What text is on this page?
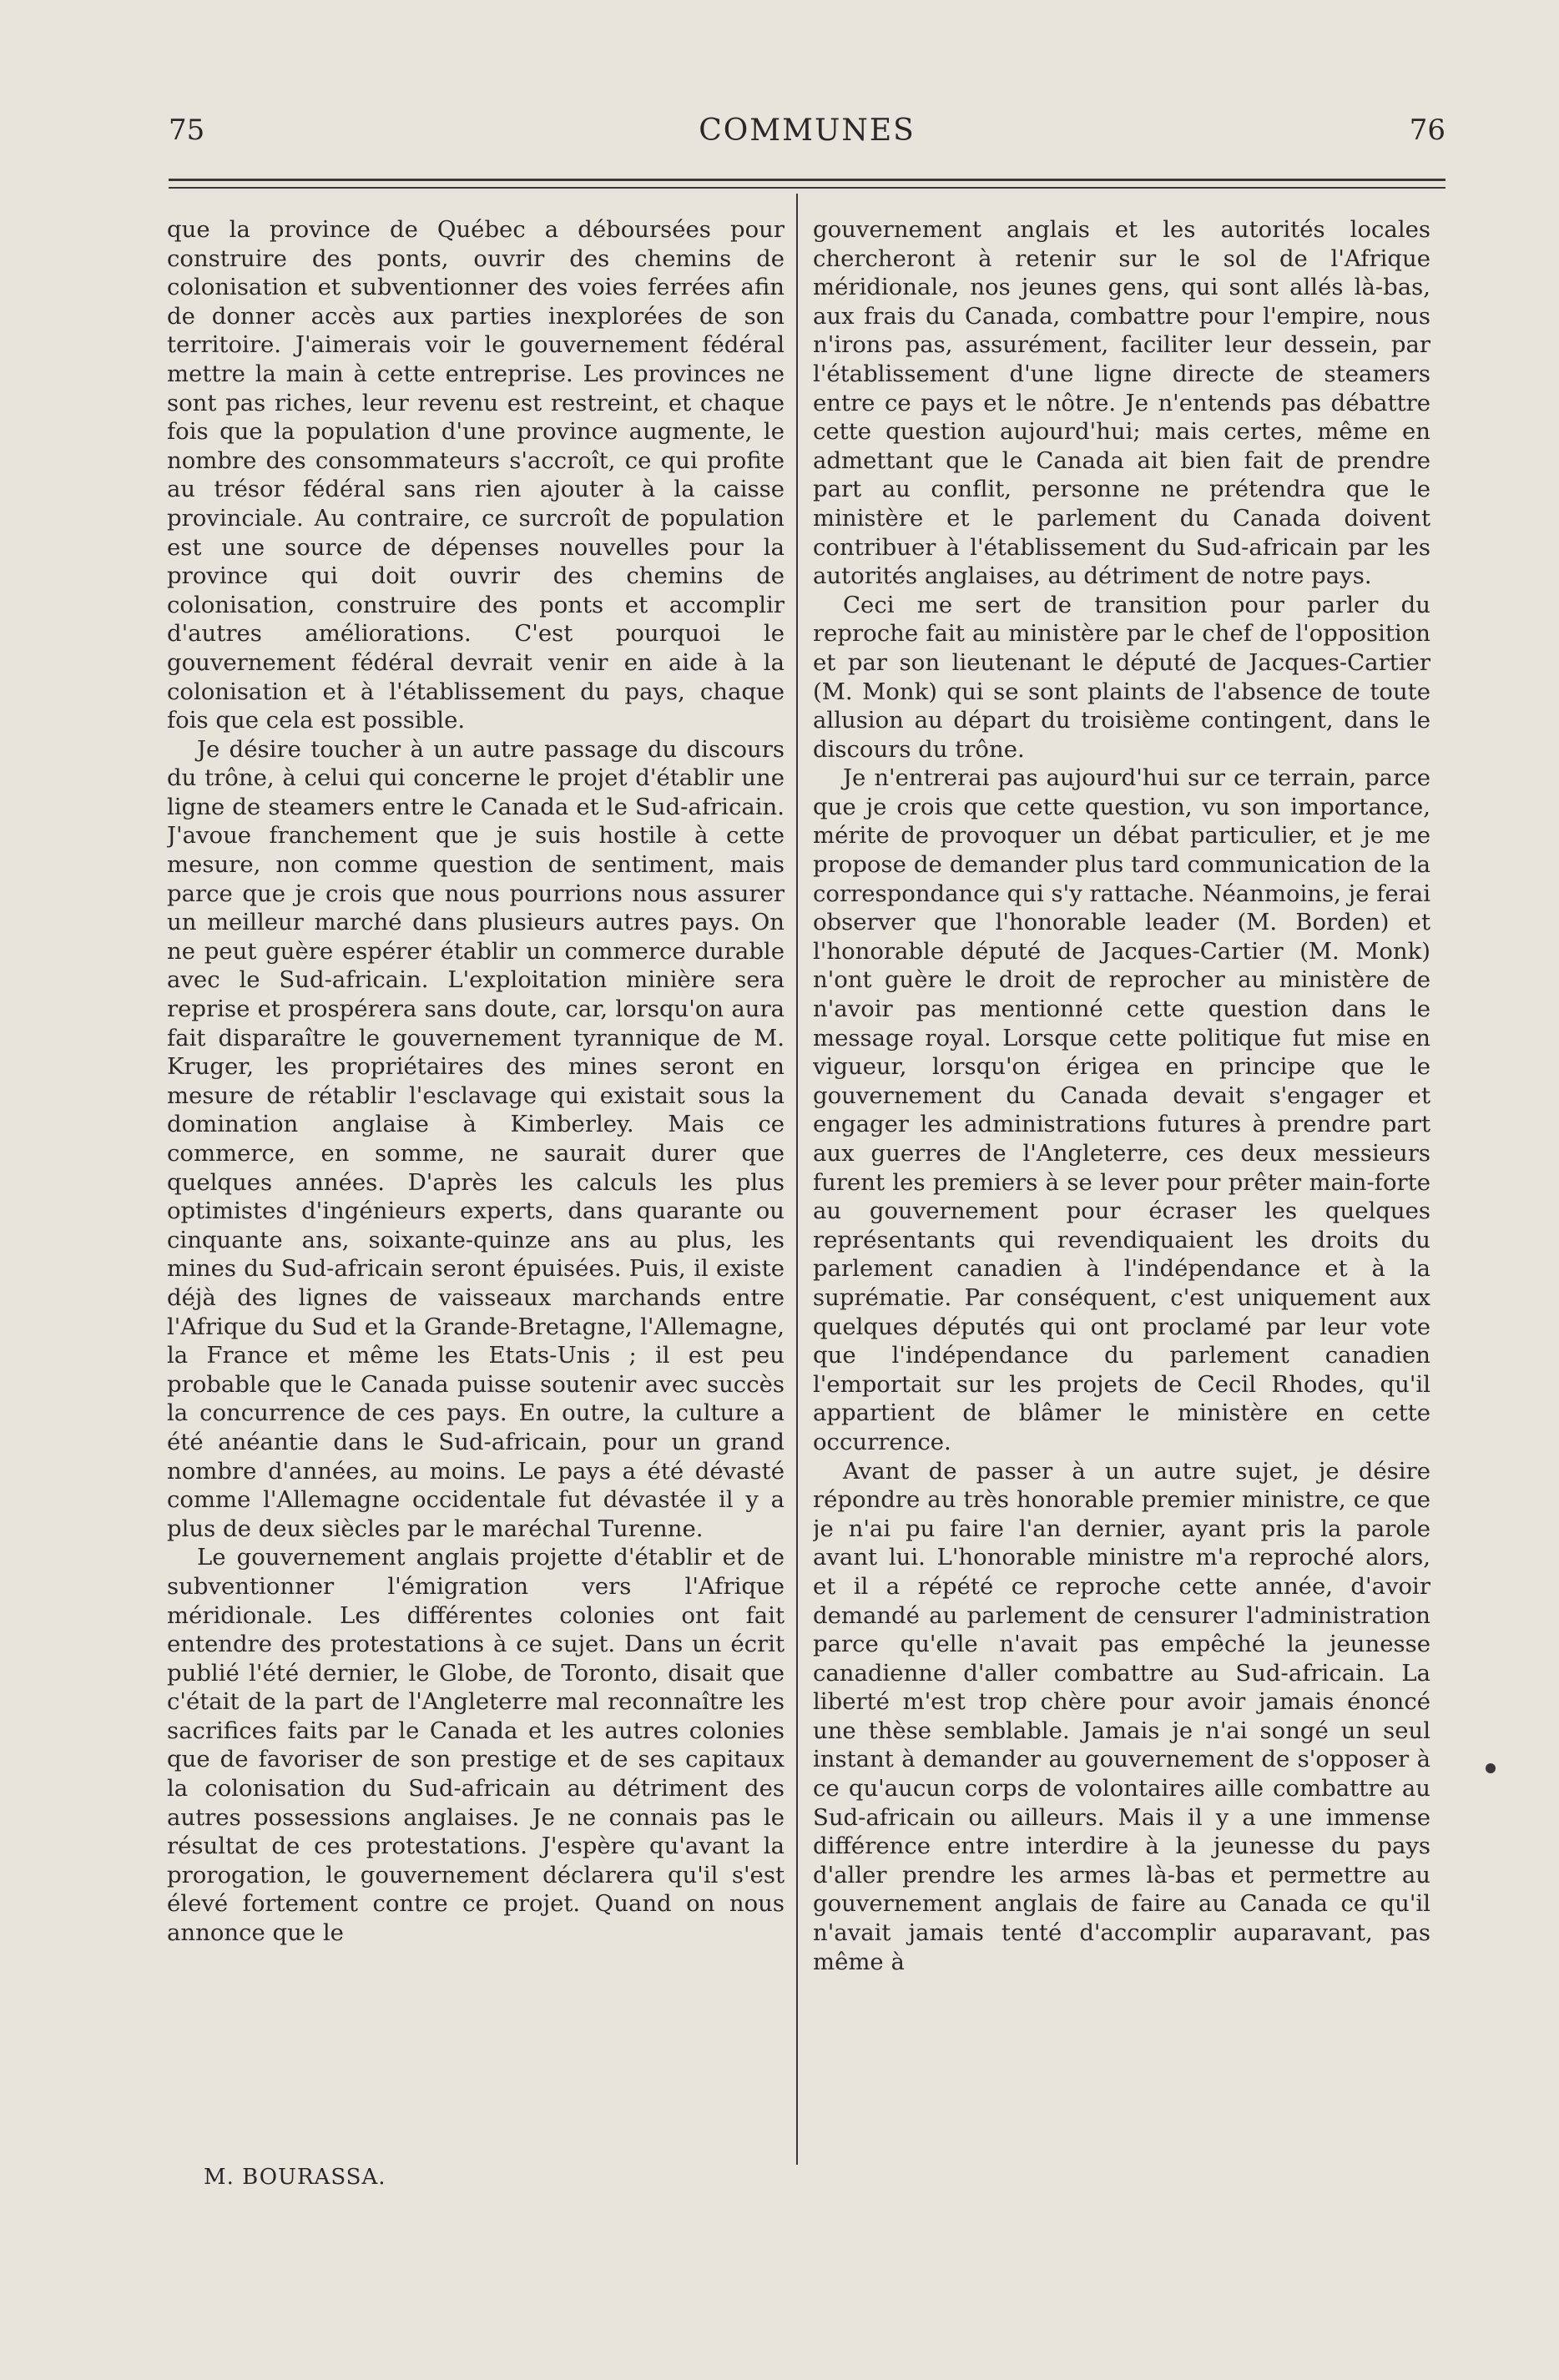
75	COMMUNES	76

que la province de Québec a déboursées pour construire des ponts, ouvrir des chemins de colonisation et subventionner des voies ferrées afin de donner accès aux parties inexplorées de son territoire. J'aimerais voir le gouvernement fédéral mettre la main à cette entreprise. Les provinces ne sont pas riches, leur revenu est restreint, et chaque fois que la population d'une province augmente, le nombre des consommateurs s'accroît, ce qui profite au trésor fédéral sans rien ajouter à la caisse provinciale. Au contraire, ce surcroît de population est une source de dépenses nouvelles pour la province qui doit ouvrir des chemins de colonisation, construire des ponts et accomplir d'autres améliorations. C'est pourquoi le gouvernement fédéral devrait venir en aide à la colonisation et à l'établissement du pays, chaque fois que cela est possible.

Je désire toucher à un autre passage du discours du trône, à celui qui concerne le projet d'établir une ligne de steamers entre le Canada et le Sud-africain. J'avoue franchement que je suis hostile à cette mesure, non comme question de sentiment, mais parce que je crois que nous pourrions nous assurer un meilleur marché dans plusieurs autres pays. On ne peut guère espérer établir un commerce durable avec le Sud-africain. L'exploitation minière sera reprise et prospérera sans doute, car, lorsqu'on aura fait disparaître le gouvernement tyrannique de M. Kruger, les propriétaires des mines seront en mesure de rétablir l'esclavage qui existait sous la domination anglaise à Kimberley. Mais ce commerce, en somme, ne saurait durer que quelques années. D'après les calculs les plus optimistes d'ingénieurs experts, dans quarante ou cinquante ans, soixante-quinze ans au plus, les mines du Sud-africain seront épuisées. Puis, il existe déjà des lignes de vaisseaux marchands entre l'Afrique du Sud et la Grande-Bretagne, l'Allemagne, la France et même les Etats-Unis ; il est peu probable que le Canada puisse soutenir avec succès la concurrence de ces pays. En outre, la culture a été anéantie dans le Sud-africain, pour un grand nombre d'années, au moins. Le pays a été dévasté comme l'Allemagne occidentale fut dévastée il y a plus de deux siècles par le maréchal Turenne.

Le gouvernement anglais projette d'établir et de subventionner l'émigration vers l'Afrique méridionale. Les différentes colonies ont fait entendre des protestations à ce sujet. Dans un écrit publié l'été dernier, le Globe, de Toronto, disait que c'était de la part de l'Angleterre mal reconnaître les sacrifices faits par le Canada et les autres colonies que de favoriser de son prestige et de ses capitaux la colonisation du Sud-africain au détriment des autres possessions anglaises. Je ne connais pas le résultat de ces protestations. J'espère qu'avant la prorogation, le gouvernement déclarera qu'il s'est élevé fortement contre ce projet. Quand on nous annonce que le

gouvernement anglais et les autorités locales chercheront à retenir sur le sol de l'Afrique méridionale, nos jeunes gens, qui sont allés là-bas, aux frais du Canada, combattre pour l'empire, nous n'irons pas, assurément, faciliter leur dessein, par l'établissement d'une ligne directe de steamers entre ce pays et le nôtre. Je n'entends pas débattre cette question aujourd'hui; mais certes, même en admettant que le Canada ait bien fait de prendre part au conflit, personne ne prétendra que le ministère et le parlement du Canada doivent contribuer à l'établissement du Sud-africain par les autorités anglaises, au détriment de notre pays.

Ceci me sert de transition pour parler du reproche fait au ministère par le chef de l'opposition et par son lieutenant le député de Jacques-Cartier (M. Monk) qui se sont plaints de l'absence de toute allusion au départ du troisième contingent, dans le discours du trône.

Je n'entrerai pas aujourd'hui sur ce terrain, parce que je crois que cette question, vu son importance, mérite de provoquer un débat particulier, et je me propose de demander plus tard communication de la correspondance qui s'y rattache. Néanmoins, je ferai observer que l'honorable leader (M. Borden) et l'honorable député de Jacques-Cartier (M. Monk) n'ont guère le droit de reprocher au ministère de n'avoir pas mentionné cette question dans le message royal. Lorsque cette politique fut mise en vigueur, lorsqu'on érigea en principe que le gouvernement du Canada devait s'engager et engager les administrations futures à prendre part aux guerres de l'Angleterre, ces deux messieurs furent les premiers à se lever pour prêter main-forte au gouvernement pour écraser les quelques représentants qui revendiquaient les droits du parlement canadien à l'indépendance et à la suprématie. Par conséquent, c'est uniquement aux quelques députés qui ont proclamé par leur vote que l'indépendance du parlement canadien l'emportait sur les projets de Cecil Rhodes, qu'il appartient de blâmer le ministère en cette occurrence.

Avant de passer à un autre sujet, je désire répondre au très honorable premier ministre, ce que je n'ai pu faire l'an dernier, ayant pris la parole avant lui. L'honorable ministre m'a reproché alors, et il a répété ce reproche cette année, d'avoir demandé au parlement de censurer l'administration parce qu'elle n'avait pas empêché la jeunesse canadienne d'aller combattre au Sud-africain. La liberté m'est trop chère pour avoir jamais énoncé une thèse semblable. Jamais je n'ai songé un seul instant à demander au gouvernement de s'opposer à ce qu'aucun corps de volontaires aille combattre au Sud-africain ou ailleurs. Mais il y a une immense différence entre interdire à la jeunesse du pays d'aller prendre les armes là-bas et permettre au gouvernement anglais de faire au Canada ce qu'il n'avait jamais tenté d'accomplir auparavant, pas même à

M. BOURASSA.
